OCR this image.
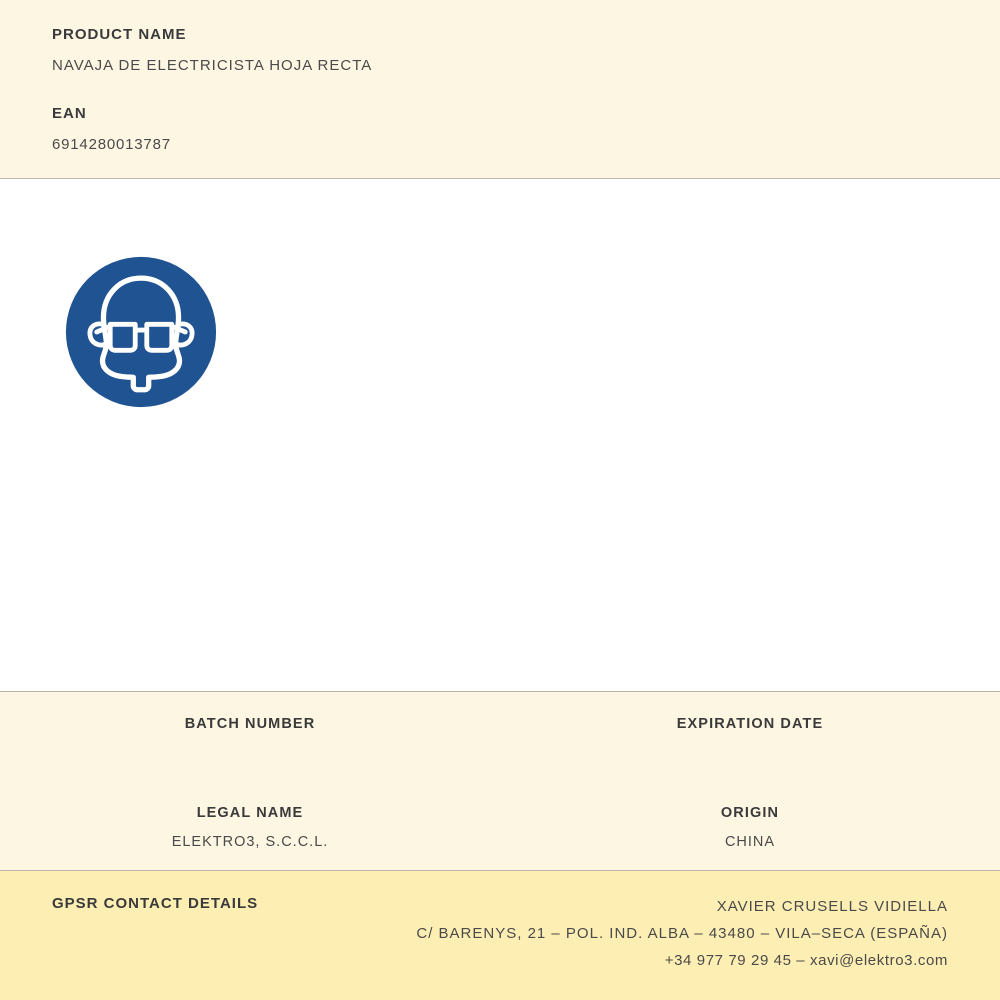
PRODUCT NAME
NAVAJA DE ELECTRICISTA HOJA RECTA
EAN
6914280013787
BATCH NUMBER	EXPIRATION DATE
LEGAL NAME
ELEKTRO3, S.C.C.L.
ORIGIN
CHINA
GPSR CONTACT DETAILS	XAVIER CRUSELLS VIDIELLA
C/ BARENYS, 21 – POL. IND. ALBA – 43480 – VILA–SECA (ESPAÑA)
+34 977 79 29 45 – xavi@elektro3.com
